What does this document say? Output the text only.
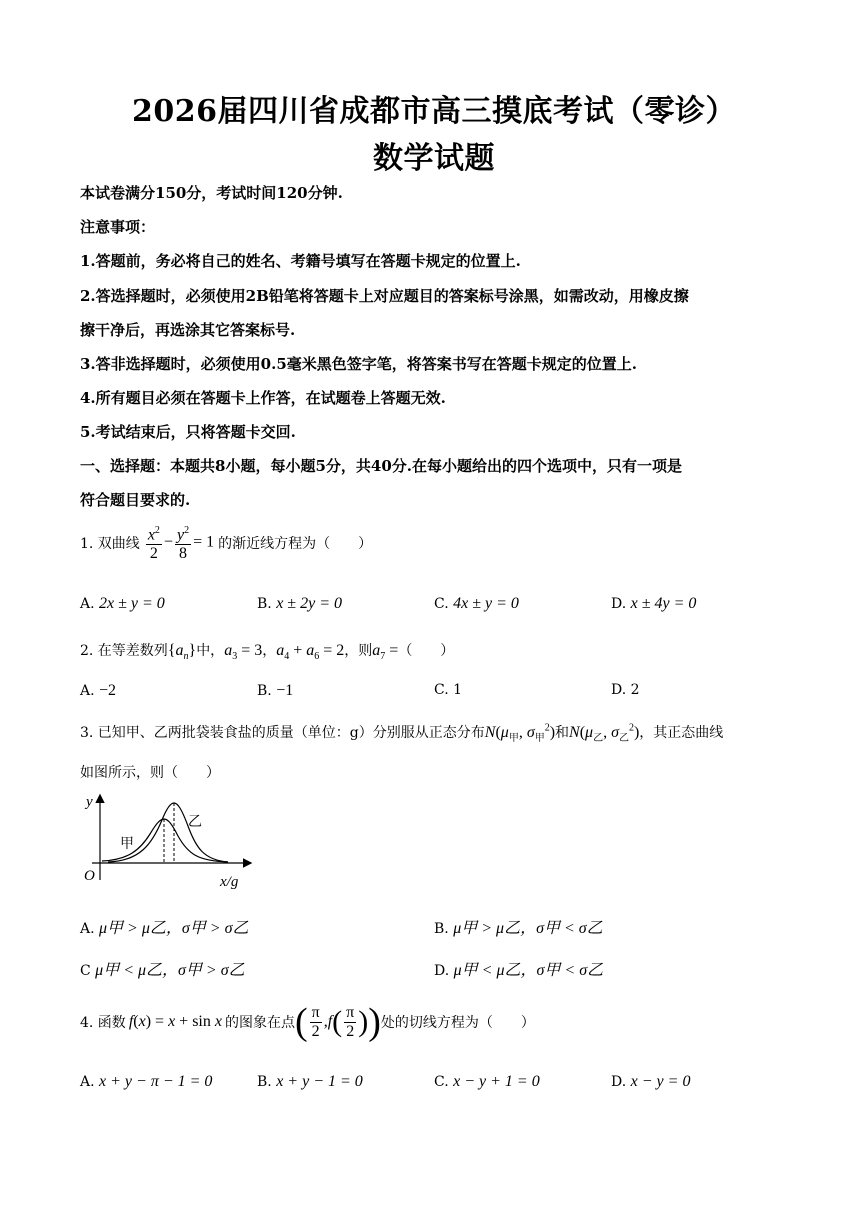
2026届四川省成都市高三摸底考试（零诊）
数学试题
本试卷满分150分，考试时间120分钟.
注意事项：
1.答题前，务必将自己的姓名、考籍号填写在答题卡规定的位置上.
2.答选择题时，必须使用2B铅笔将答题卡上对应题目的答案标号涂黑，如需改动，用橡皮擦
擦干净后，再选涂其它答案标号.
3.答非选择题时，必须使用0.5毫米黑色签字笔，将答案书写在答题卡规定的位置上.
4.所有题目必须在答题卡上作答，在试题卷上答题无效.
5.考试结束后，只将答题卡交回.
一、选择题：本题共8小题，每小题5分，共40分.在每小题给出的四个选项中，只有一项是
符合题目要求的.
1. 双曲线 $\frac{x^2}{2} - \frac{y^2}{8} = 1$ 的渐近线方程为（　　）
A. 2x ± y = 0	B. x ± 2y = 0	C. 4x ± y = 0	D. x ± 4y = 0
2. 在等差数列$\{a_n\}$中，$a_3 = 3$，$a_4 + a_6 = 2$，则$a_7$ =（　　）
A. −2	B. −1	C. 1	D. 2
3. 已知甲、乙两批袋装食盐的质量（单位：g）分别服从正态分布$N(\mu_甲$, $\sigma_甲^2$)和$N(\mu_乙$, $\sigma_乙^2$)，其正态曲线
如图所示，则（　　）
y
x/g
O
甲
乙
A. μ甲 > μ乙，σ甲 > σ乙	B. μ甲 > μ乙，σ甲 < σ乙
C μ甲 < μ乙，σ甲 > σ乙	D. μ甲 < μ乙，σ甲 < σ乙
4. 函数 f(x) = x + sin x 的图象在点 ( $\frac{\pi}{2}$ , f ( $\frac{\pi}{2}$ ) ) 处的切线方程为（　　）
A. x + y − π − 1 = 0	B. x + y − 1 = 0	C. x − y + 1 = 0	D. x − y = 0
